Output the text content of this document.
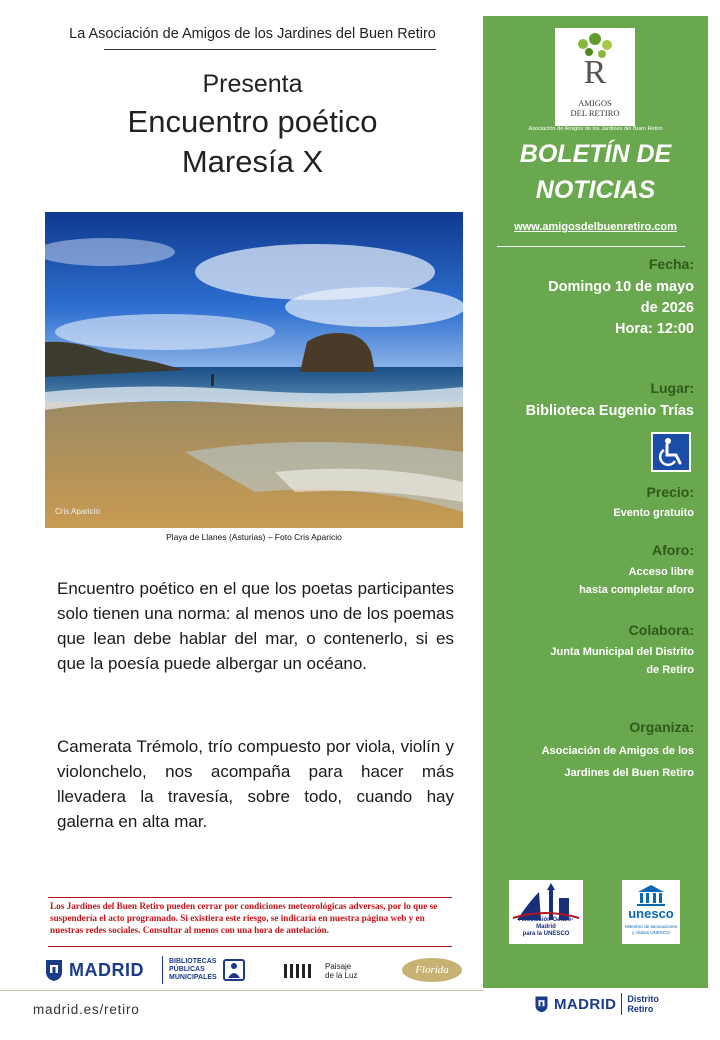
La Asociación de Amigos de los Jardines del Buen Retiro
Presenta
Encuentro poético
Maresía X
Cris Aparicio
Playa de Llanes (Asturias) – Foto Cris Aparicio

Encuentro poético en el que los poetas participantes solo tienen una norma: al menos uno de los poemas que lean debe hablar del mar, o contenerlo, si es que la poesía puede albergar un océano.

Camerata Trémolo, trío compuesto por viola, violín y violonchelo, nos acompaña para hacer más llevadera la travesía, sobre todo, cuando hay galerna en alta mar.

Los Jardines del Buen Retiro pueden cerrar por condiciones meteorológicas adversas, por lo que se suspendería el acto programado. Si existiera este riesgo, se indicaría en nuestra página web y en nuestras redes sociales. Consultar al menos con una hora de antelación.
MADRID	BIBLIOTECAS
PÚBLICAS
MUNICIPALES
Paisaje
de la Luz	Florida
madrid.es/retiro
R
AMIGOS
DEL RETIRO
Asociación de Amigos de los Jardines del Buen Retiro
BOLETÍN DE
NOTICIAS
www.amigosdelbuenretiro.com
Fecha:
Domingo 10 de mayo
de 2026
Hora: 12:00
Lugar:
Biblioteca Eugenio Trías
Precio:
Evento gratuito
Aforo:
Acceso libre
hasta completar aforo
Colabora:
Junta Municipal del Distrito
de Retiro
Organiza:
Asociación de Amigos de los
Jardines del Buen Retiro
Asociación Getafe-Madrid
para la UNESCO
unesco
Miembro de asociaciones y clubes UNESCO
MADRID Distrito
Retiro
